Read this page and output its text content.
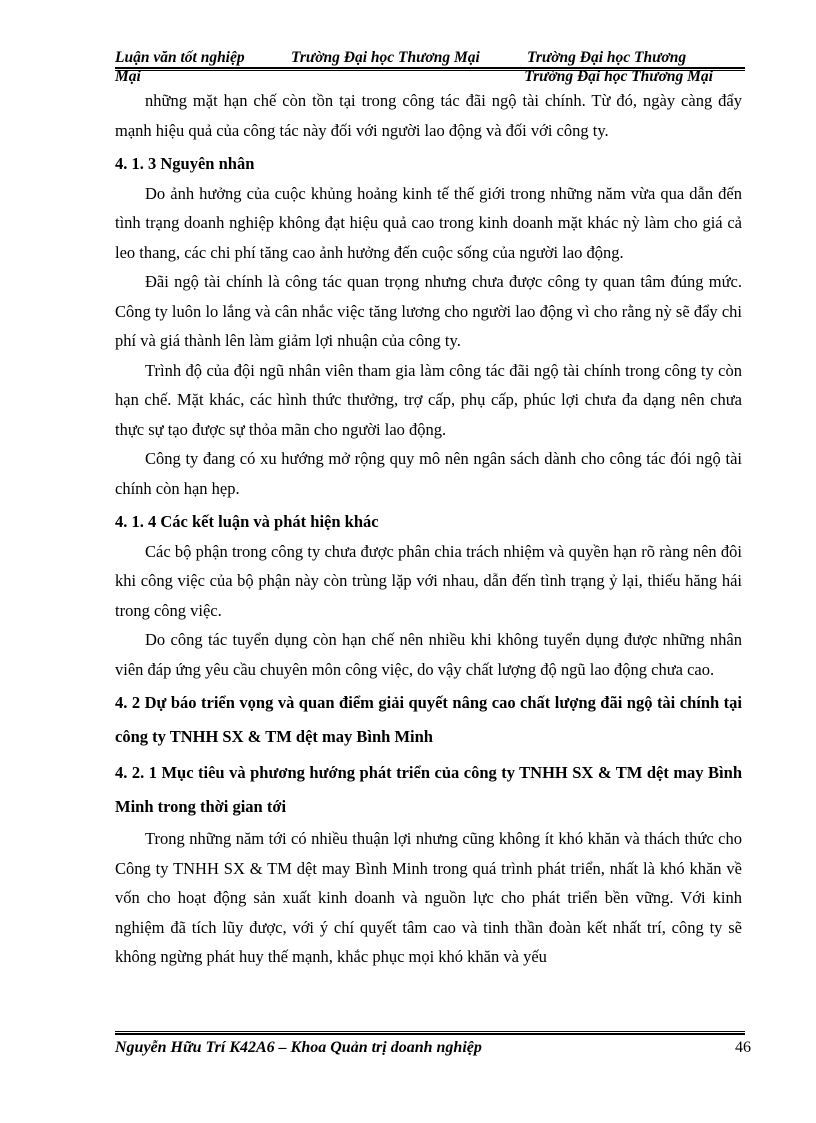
Luận văn tốt nghiệp	Trường Đại học Thương Mại	Trường Đại học Thương
Mại	Trường Đại học Thương Mại

những mặt hạn chế còn tồn tại trong công tác đãi ngộ tài chính. Từ đó, ngày càng đẩy mạnh hiệu quả của công tác này đối với người lao động và đối với công ty.

4. 1. 3 Nguyên nhân

Do ảnh hưởng của cuộc khủng hoảng kinh tế thế giới trong những năm vừa qua dẫn đến tình trạng doanh nghiệp không đạt hiệu quả cao trong kinh doanh mặt khác nỳ làm cho giá cả leo thang, các chi phí tăng cao ảnh hưởng đến cuộc sống của người lao động.

Đãi ngộ tài chính là công tác quan trọng nhưng chưa được công ty quan tâm đúng mức. Công ty luôn lo lắng và cân nhắc việc tăng lương cho người lao động vì cho rằng nỳ sẽ đẩy chi phí và giá thành lên làm giảm lợi nhuận của công ty.

Trình độ của đội ngũ nhân viên tham gia làm công tác đãi ngộ tài chính trong công ty còn hạn chế. Mặt khác, các hình thức thưởng, trợ cấp, phụ cấp, phúc lợi chưa đa dạng nên chưa thực sự tạo được sự thỏa mãn cho người lao động.

Công ty đang có xu hướng mở rộng quy mô nên ngân sách dành cho công tác đói ngộ tài chính còn hạn hẹp.

4. 1. 4 Các kết luận và phát hiện khác

Các bộ phận trong công ty chưa được phân chia trách nhiệm và quyền hạn rõ ràng nên đôi khi công việc của bộ phận này còn trùng lặp với nhau, dẫn đến tình trạng ỷ lại, thiếu hăng hái trong công việc.

Do công tác tuyển dụng còn hạn chế nên nhiều khi không tuyển dụng được những nhân viên đáp ứng yêu cầu chuyên môn công việc, do vậy chất lượng độ ngũ lao động chưa cao.

4. 2 Dự báo triển vọng và quan điểm giải quyết nâng cao chất lượng đãi ngộ tài chính tại công ty TNHH SX & TM dệt may Bình Minh
4. 2. 1 Mục tiêu và phương hướng phát triển của công ty TNHH SX & TM dệt may Bình Minh trong thời gian tới

Trong những năm tới có nhiều thuận lợi nhưng cũng không ít khó khăn và thách thức cho Công ty TNHH SX & TM dệt may Bình Minh trong quá trình phát triển, nhất là khó khăn về vốn cho hoạt động sản xuất kinh doanh và nguồn lực cho phát triển bền vững. Với kinh nghiệm đã tích lũy được, với ý chí quyết tâm cao và tinh thần đoàn kết nhất trí, công ty sẽ không ngừng phát huy thế mạnh, khắc phục mọi khó khăn và yếu

Nguyễn Hữu Trí K42A6 – Khoa Quản trị doanh nghiệp	46
